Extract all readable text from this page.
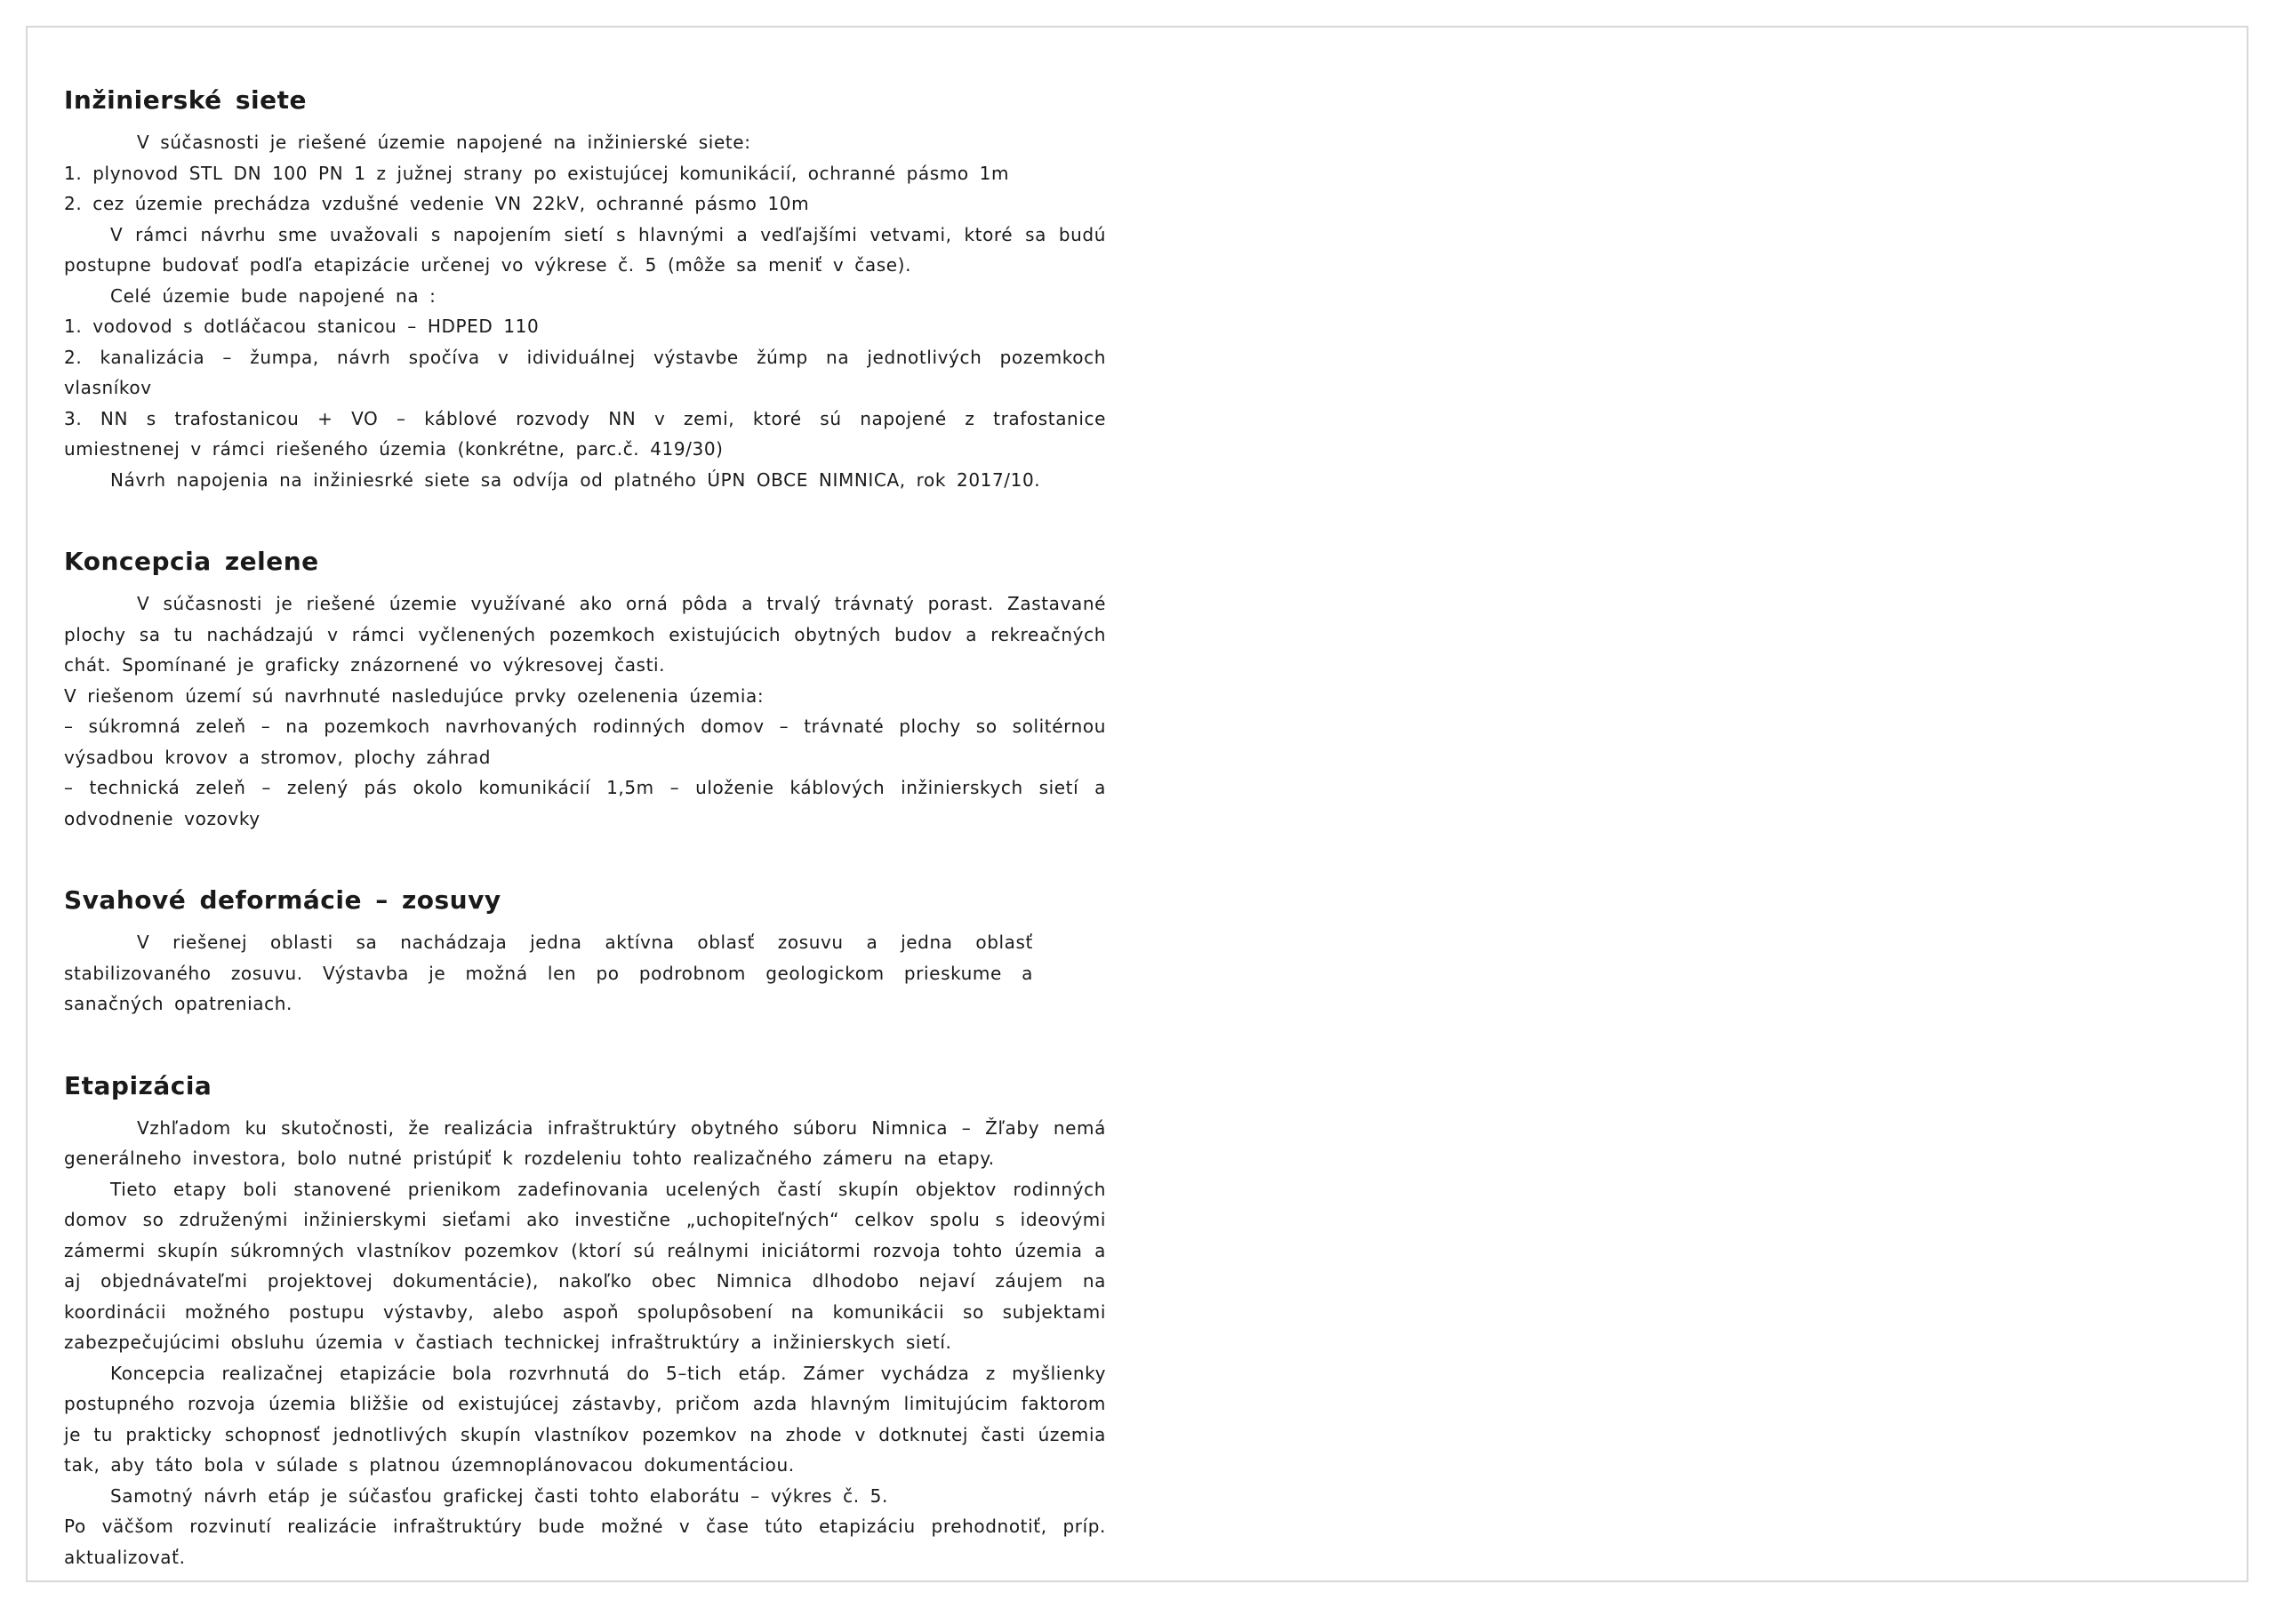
Inžinierské siete

V súčasnosti je riešené územie napojené na inžinierské siete:

1. plynovod STL DN 100 PN 1 z južnej strany po existujúcej komunikácií, ochranné pásmo 1m

2. cez územie prechádza vzdušné vedenie VN 22kV, ochranné pásmo 10m

V rámci návrhu sme uvažovali s napojením sietí s hlavnými a vedľajšími vetvami, ktoré sa budú postupne budovať podľa etapizácie určenej vo výkrese č. 5 (môže sa meniť v čase).

Celé územie bude napojené na :

1. vodovod s dotláčacou stanicou – HDPED 110

2. kanalizácia – žumpa, návrh spočíva v idividuálnej výstavbe žúmp na jednotlivých pozemkoch vlasníkov

3. NN s trafostanicou + VO – káblové rozvody NN v zemi, ktoré sú napojené z trafostanice umiestnenej v rámci riešeného územia (konkrétne, parc.č. 419/30)

Návrh napojenia na inžiniesrké siete sa odvíja od platného ÚPN OBCE NIMNICA, rok 2017/10.

Koncepcia zelene

V súčasnosti je riešené územie využívané ako orná pôda a trvalý trávnatý porast. Zastavané plochy sa tu nachádzajú v rámci vyčlenených pozemkoch existujúcich obytných budov a rekreačných chát. Spomínané je graficky znázornené vo výkresovej časti.

V riešenom území sú navrhnuté nasledujúce prvky ozelenenia územia:

– súkromná zeleň – na pozemkoch navrhovaných rodinných domov – trávnaté plochy so solitérnou výsadbou krovov a stromov, plochy záhrad

– technická zeleň – zelený pás okolo komunikácií 1,5m – uloženie káblových inžinierskych sietí a odvodnenie vozovky

Svahové deformácie – zosuvy

V riešenej oblasti sa nachádzaja jedna aktívna oblasť zosuvu a jedna oblasť stabilizovaného zosuvu. Výstavba je možná len po podrobnom geologickom prieskume a sanačných opatreniach.

Etapizácia

Vzhľadom ku skutočnosti, že realizácia infraštruktúry obytného súboru Nimnica – Žľaby nemá generálneho investora, bolo nutné pristúpiť k rozdeleniu tohto realizačného zámeru na etapy.

Tieto etapy boli stanovené prienikom zadefinovania ucelených častí skupín objektov rodinných domov so združenými inžinierskymi sieťami ako investične „uchopiteľných“ celkov spolu s ideovými zámermi skupín súkromných vlastníkov pozemkov (ktorí sú reálnymi iniciátormi rozvoja tohto územia a aj objednávateľmi projektovej dokumentácie), nakoľko obec Nimnica dlhodobo nejaví záujem na koordinácii možného postupu výstavby, alebo aspoň spolupôsobení na komunikácii so subjektami zabezpečujúcimi obsluhu územia v častiach technickej infraštruktúry a inžinierskych sietí.

Koncepcia realizačnej etapizácie bola rozvrhnutá do 5–tich etáp. Zámer vychádza z myšlienky postupného rozvoja územia bližšie od existujúcej zástavby, pričom azda hlavným limitujúcim faktorom je tu prakticky schopnosť jednotlivých skupín vlastníkov pozemkov na zhode v dotknutej časti územia tak, aby táto bola v súlade s platnou územnoplánovacou dokumentáciou.

Samotný návrh etáp je súčasťou grafickej časti tohto elaborátu – výkres č. 5.

Po väčšom rozvinutí realizácie infraštruktúry bude možné v čase túto etapizáciu prehodnotiť, príp. aktualizovať.
